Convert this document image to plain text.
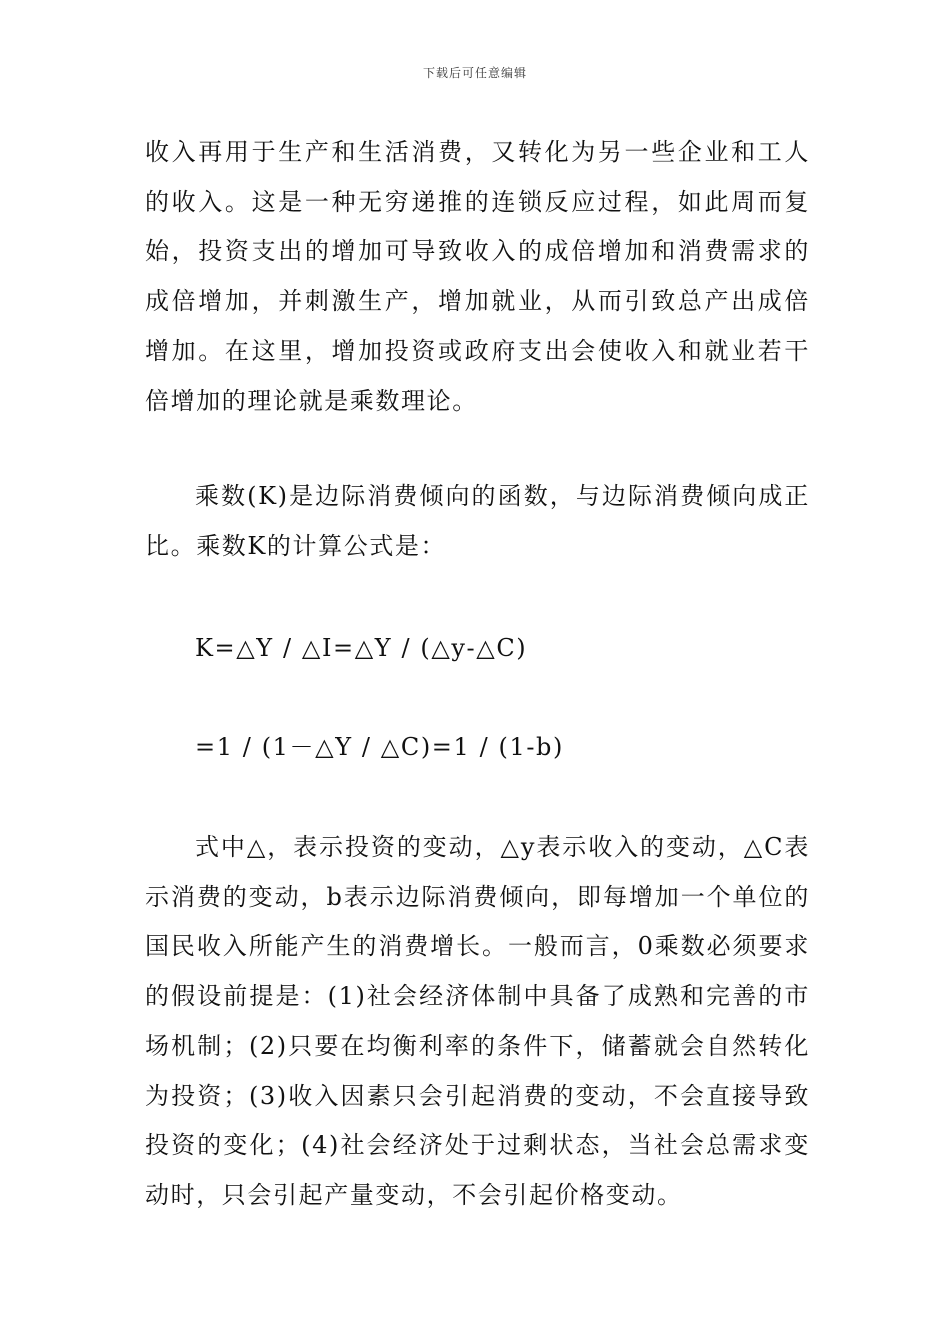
下载后可任意编辑

收入再用于生产和生活消费，又转化为另一些企业和工人的收入。这是一种无穷递推的连锁反应过程，如此周而复始，投资支出的增加可导致收入的成倍增加和消费需求的成倍增加，并刺激生产，增加就业，从而引致总产出成倍增加。在这里，增加投资或政府支出会使收入和就业若干倍增加的理论就是乘数理论。

乘数(K)是边际消费倾向的函数，与边际消费倾向成正比。乘数K的计算公式是：

K=△Y / △I=△Y / (△y-△C)

=1 / (1－△Y / △C)=1 / (1-b)

式中△，表示投资的变动，△y表示收入的变动，△C表示消费的变动，b表示边际消费倾向，即每增加一个单位的国民收入所能产生的消费增长。一般而言，0乘数必须要求的假设前提是：(1)社会经济体制中具备了成熟和完善的市场机制；(2)只要在均衡利率的条件下，储蓄就会自然转化为投资；(3)收入因素只会引起消费的变动，不会直接导致投资的变化；(4)社会经济处于过剩状态，当社会总需求变动时，只会引起产量变动，不会引起价格变动。
